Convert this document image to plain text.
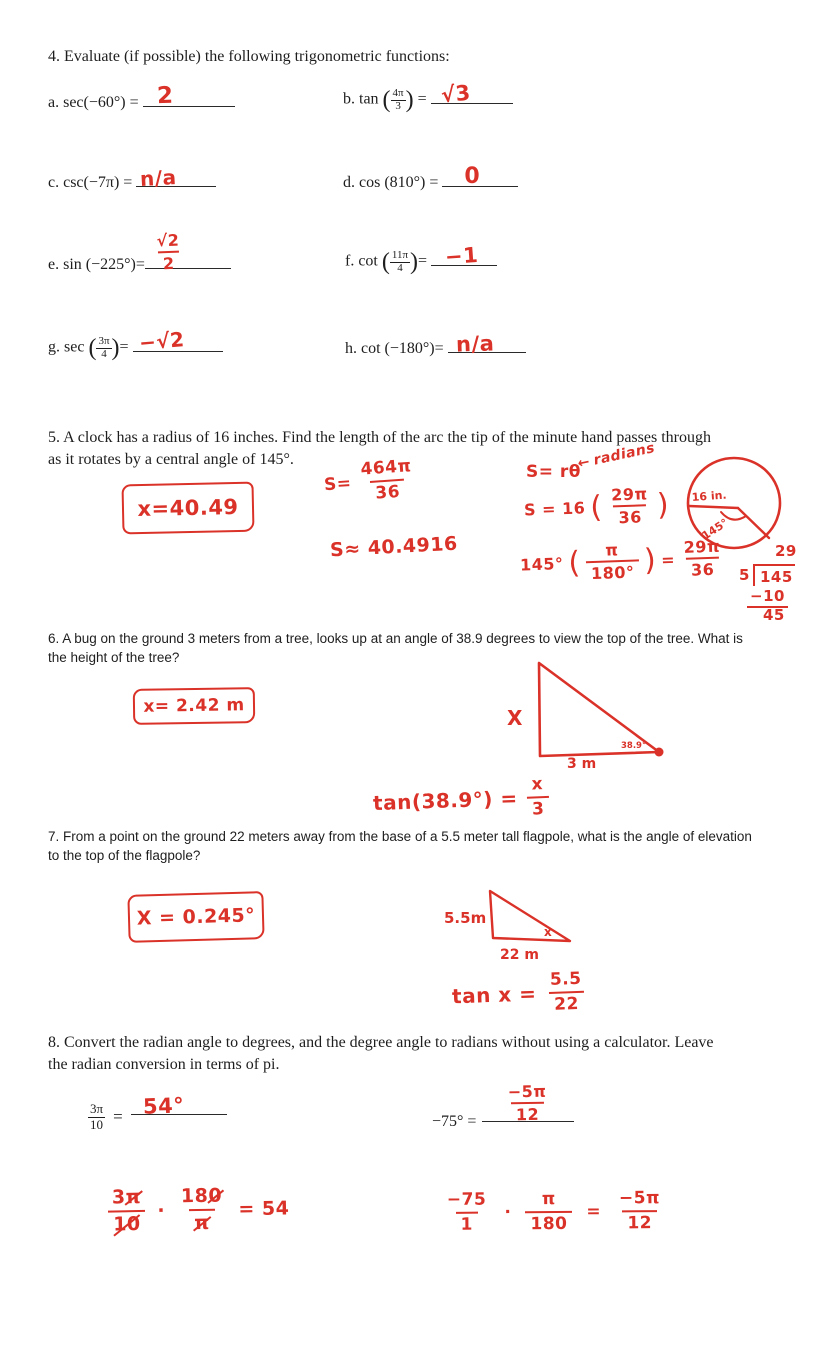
4. Evaluate (if possible) the following trigonometric functions:
a. sec(−60°) = 2	b. tan ( $\frac{4\pi}{3}$ ) = √3
c. csc(−7π) = n/a	d. cos (810°) = 0
e. $\sin (-225^\circ)= \frac{√2}{2}$	f. cot ( $\frac{11\pi}{4}$ )= −1
g. sec ( $\frac{3\pi}{4}$ )= −√2	h. cot (−180°)= n/a
5. A clock has a radius of 16 inches. Find the length of the arc the tip of the minute hand passes through
as it rotates by a central angle of 145°.
x=40.49
$S= \frac{464\pi}{36}$
S≈ 40.4916
S= rθ
← radians
S = 16 ( $\frac{29\pi}{36}$ )
145° ( $\frac{\pi}{180^\circ}$ ) = $\frac{29\pi}{36}$
16 in.
145°
29
5 145
−10
45
6. A bug on the ground 3 meters from a tree, looks up at an angle of 38.9 degrees to view the top of the tree. What is
the height of the tree?
x= 2.42 m	X
3 m
38.9°
$\tan(38.9^\circ) = \frac{x}{3}$
7. From a point on the ground 22 meters away from the base of a 5.5 meter tall flagpole, what is the angle of elevation
to the top of the flagpole?
X = 0.245°	5.5m
x
22 m
$\tan x = \frac{5.5}{22}$
8. Convert the radian angle to degrees, and the degree angle to radians without using a calculator. Leave
the radian conversion in terms of pi.
$\frac{3\pi}{10} = 54^\circ$
$-75^\circ = \frac{-5\pi}{12}$
$\frac{3\pi}{10} \cdot \frac{180}{\pi} = 54$	$\frac{-75}{1} \cdot \frac{\pi}{180} = \frac{-5\pi}{12}$
